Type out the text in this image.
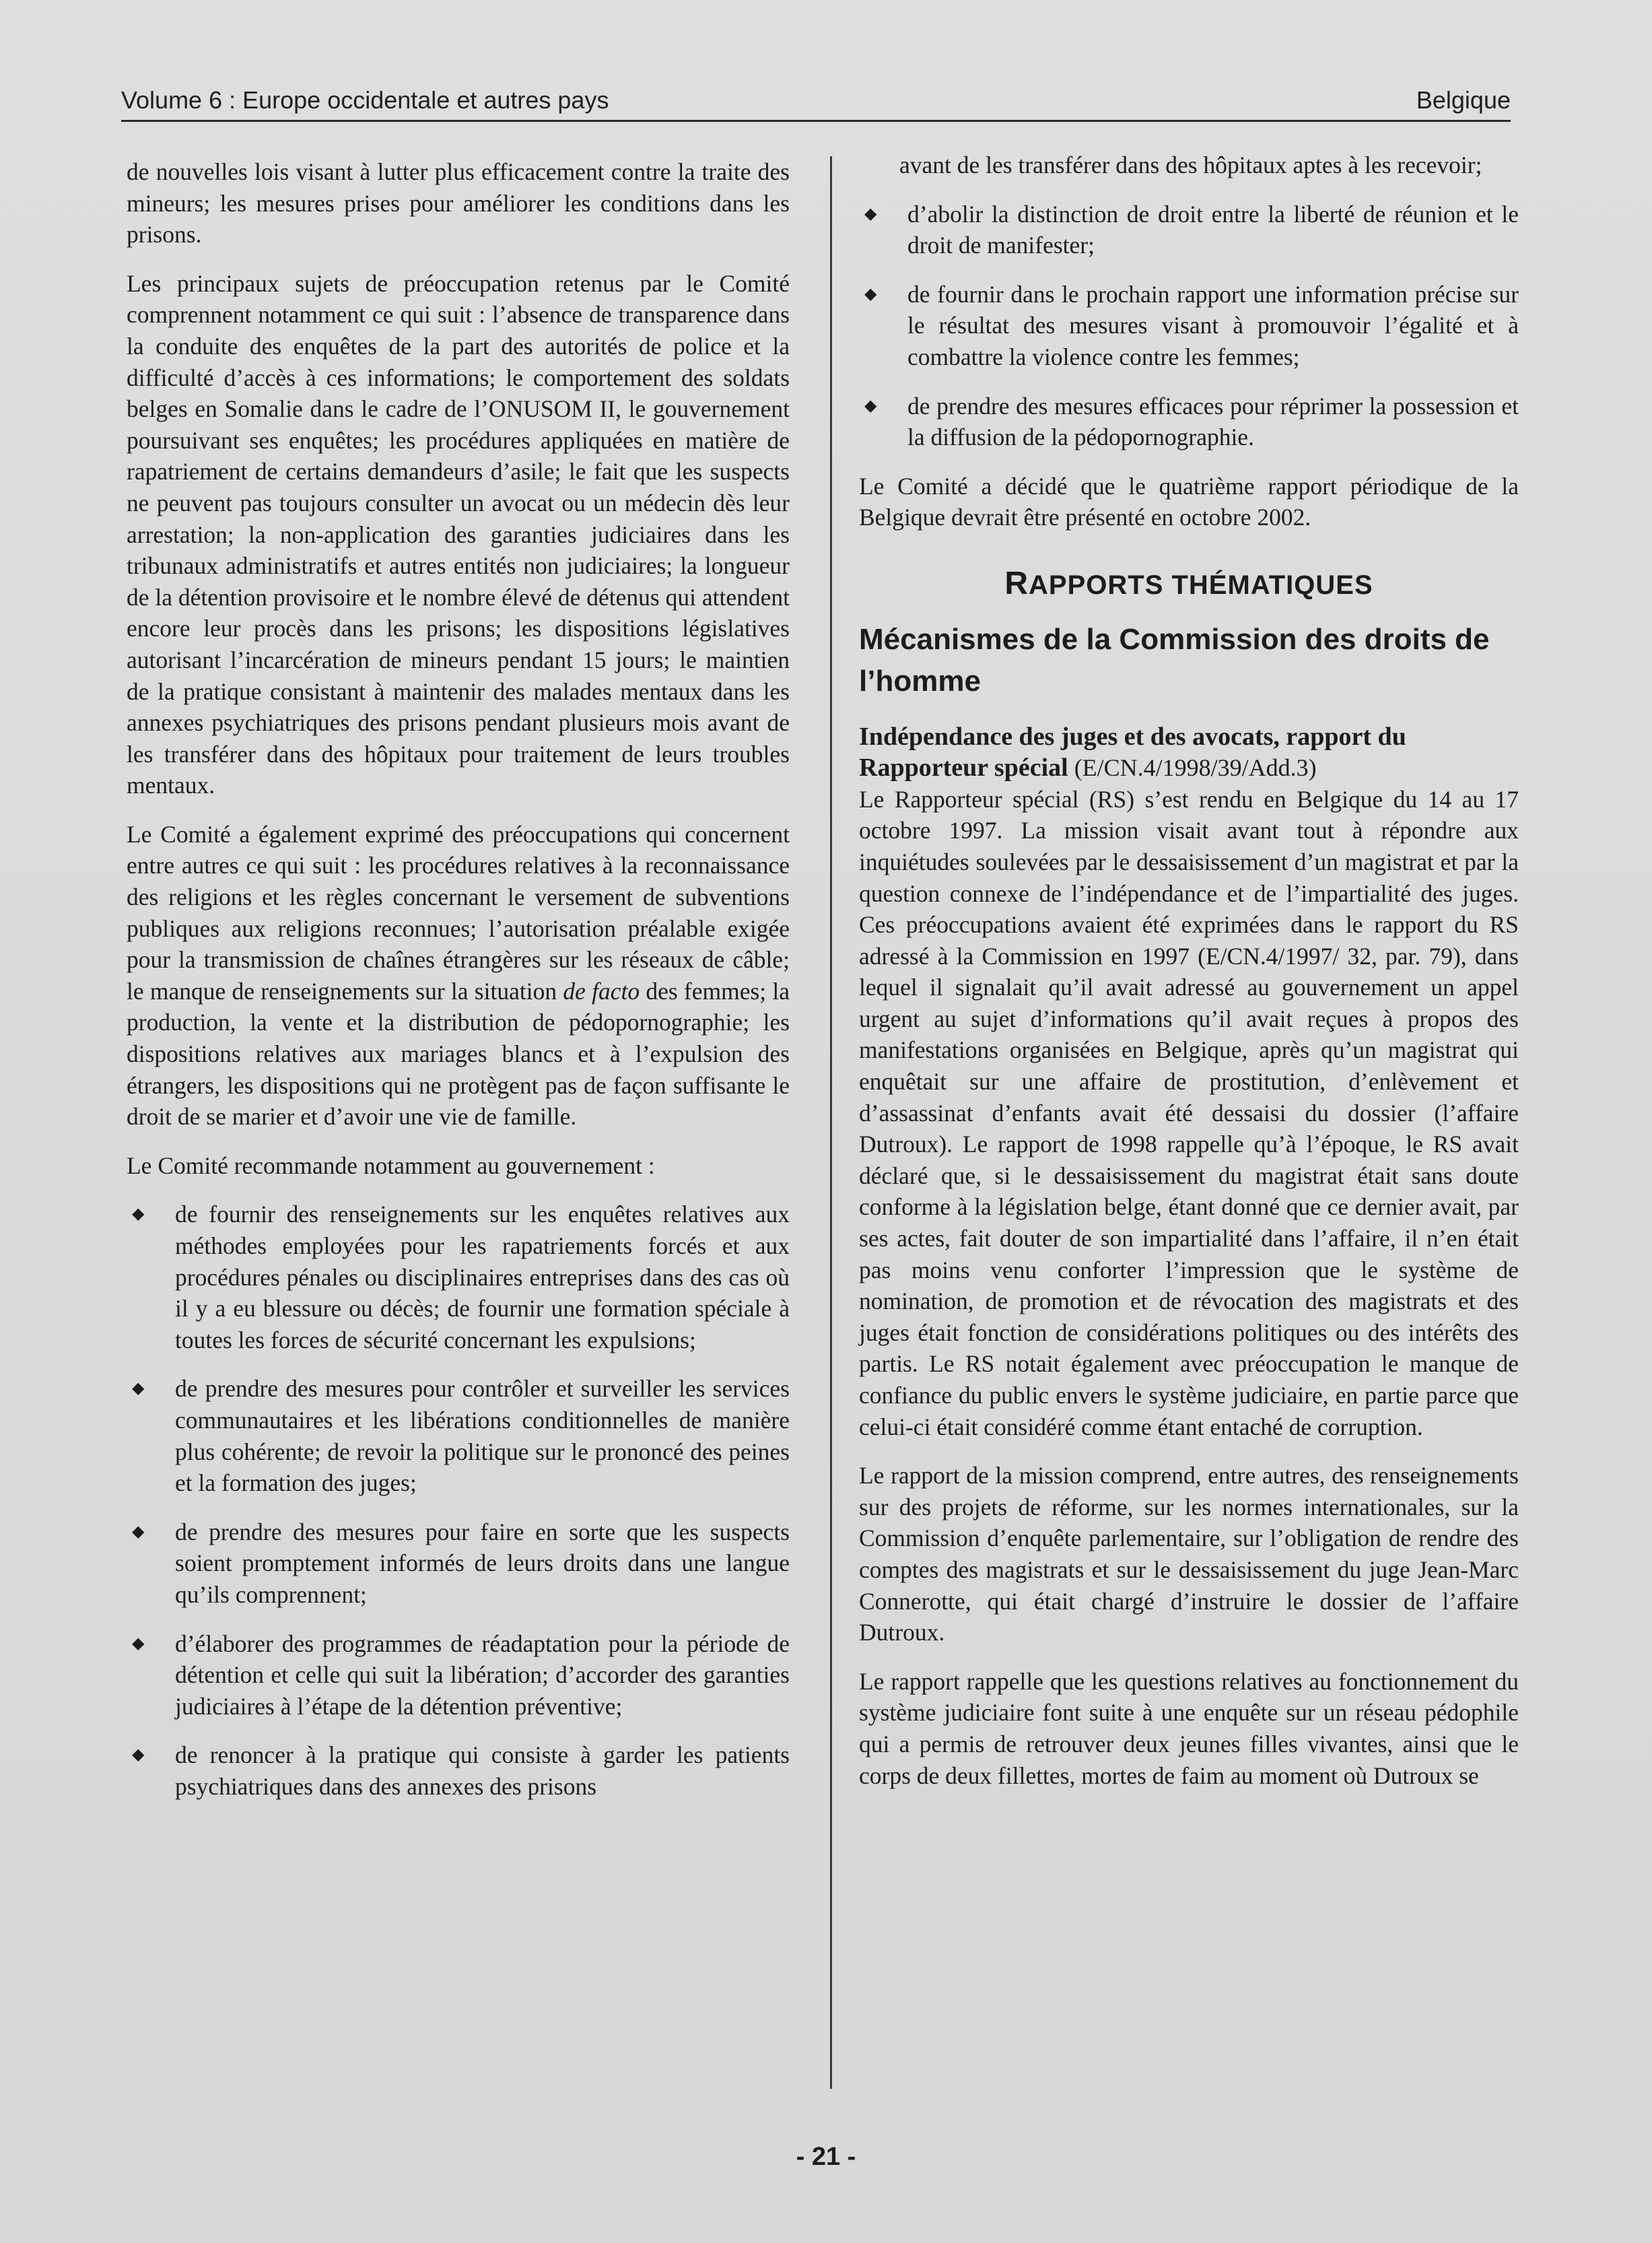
Volume 6 : Europe occidentale et autres pays	Belgique

de nouvelles lois visant à lutter plus efficacement contre la traite des mineurs; les mesures prises pour améliorer les conditions dans les prisons.

Les principaux sujets de préoccupation retenus par le Comité comprennent notamment ce qui suit : l’absence de transparence dans la conduite des enquêtes de la part des autorités de police et la difficulté d’accès à ces informations; le comportement des soldats belges en Somalie dans le cadre de l’ONUSOM II, le gouvernement poursuivant ses enquêtes; les procédures appliquées en matière de rapatriement de certains demandeurs d’asile; le fait que les suspects ne peuvent pas toujours consulter un avocat ou un médecin dès leur arrestation; la non-application des garanties judiciaires dans les tribunaux administratifs et autres entités non judiciaires; la longueur de la détention provisoire et le nombre élevé de détenus qui attendent encore leur procès dans les prisons; les dispositions législatives autorisant l’incarcération de mineurs pendant 15 jours; le maintien de la pratique consistant à maintenir des malades mentaux dans les annexes psychiatriques des prisons pendant plusieurs mois avant de les transférer dans des hôpitaux pour traitement de leurs troubles mentaux.

Le Comité a également exprimé des préoccupations qui concernent entre autres ce qui suit : les procédures relatives à la reconnaissance des religions et les règles concernant le versement de subventions publiques aux religions reconnues; l’autorisation préalable exigée pour la transmission de chaînes étrangères sur les réseaux de câble; le manque de renseignements sur la situation de facto des femmes; la production, la vente et la distribution de pédopornographie; les dispositions relatives aux mariages blancs et à l’expulsion des étrangers, les dispositions qui ne protègent pas de façon suffisante le droit de se marier et d’avoir une vie de famille.

Le Comité recommande notamment au gouvernement :

◆ de fournir des renseignements sur les enquêtes relatives aux méthodes employées pour les rapatriements forcés et aux procédures pénales ou disciplinaires entreprises dans des cas où il y a eu blessure ou décès; de fournir une formation spéciale à toutes les forces de sécurité concernant les expulsions;
◆ de prendre des mesures pour contrôler et surveiller les services communautaires et les libérations conditionnelles de manière plus cohérente; de revoir la politique sur le prononcé des peines et la formation des juges;
◆ de prendre des mesures pour faire en sorte que les suspects soient promptement informés de leurs droits dans une langue qu’ils comprennent;
◆ d’élaborer des programmes de réadaptation pour la période de détention et celle qui suit la libération; d’accorder des garanties judiciaires à l’étape de la détention préventive;
◆ de renoncer à la pratique qui consiste à garder les patients psychiatriques dans des annexes des prisons

avant de les transférer dans des hôpitaux aptes à les recevoir;

◆ d’abolir la distinction de droit entre la liberté de réunion et le droit de manifester;
◆ de fournir dans le prochain rapport une information précise sur le résultat des mesures visant à promouvoir l’égalité et à combattre la violence contre les femmes;
◆ de prendre des mesures efficaces pour réprimer la possession et la diffusion de la pédopornographie.

Le Comité a décidé que le quatrième rapport périodique de la Belgique devrait être présenté en octobre 2002.

RAPPORTS THÉMATIQUES
Mécanismes de la Commission des droits de l’homme

Indépendance des juges et des avocats, rapport du Rapporteur spécial (E/CN.4/1998/39/Add.3)

Le Rapporteur spécial (RS) s’est rendu en Belgique du 14 au 17 octobre 1997. La mission visait avant tout à répondre aux inquiétudes soulevées par le dessaisissement d’un magistrat et par la question connexe de l’indépendance et de l’impartialité des juges. Ces préoccupations avaient été exprimées dans le rapport du RS adressé à la Commission en 1997 (E/CN.4/1997/ 32, par. 79), dans lequel il signalait qu’il avait adressé au gouvernement un appel urgent au sujet d’informations qu’il avait reçues à propos des manifestations organisées en Belgique, après qu’un magistrat qui enquêtait sur une affaire de prostitution, d’enlèvement et d’assassinat d’enfants avait été dessaisi du dossier (l’affaire Dutroux). Le rapport de 1998 rappelle qu’à l’époque, le RS avait déclaré que, si le dessaisissement du magistrat était sans doute conforme à la législation belge, étant donné que ce dernier avait, par ses actes, fait douter de son impartialité dans l’affaire, il n’en était pas moins venu conforter l’impression que le système de nomination, de promotion et de révocation des magistrats et des juges était fonction de considérations politiques ou des intérêts des partis. Le RS notait également avec préoccupation le manque de confiance du public envers le système judiciaire, en partie parce que celui-ci était considéré comme étant entaché de corruption.

Le rapport de la mission comprend, entre autres, des renseignements sur des projets de réforme, sur les normes internationales, sur la Commission d’enquête parlementaire, sur l’obligation de rendre des comptes des magistrats et sur le dessaisissement du juge Jean-Marc Connerotte, qui était chargé d’instruire le dossier de l’affaire Dutroux.

Le rapport rappelle que les questions relatives au fonctionnement du système judiciaire font suite à une enquête sur un réseau pédophile qui a permis de retrouver deux jeunes filles vivantes, ainsi que le corps de deux fillettes, mortes de faim au moment où Dutroux se

- 21 -
